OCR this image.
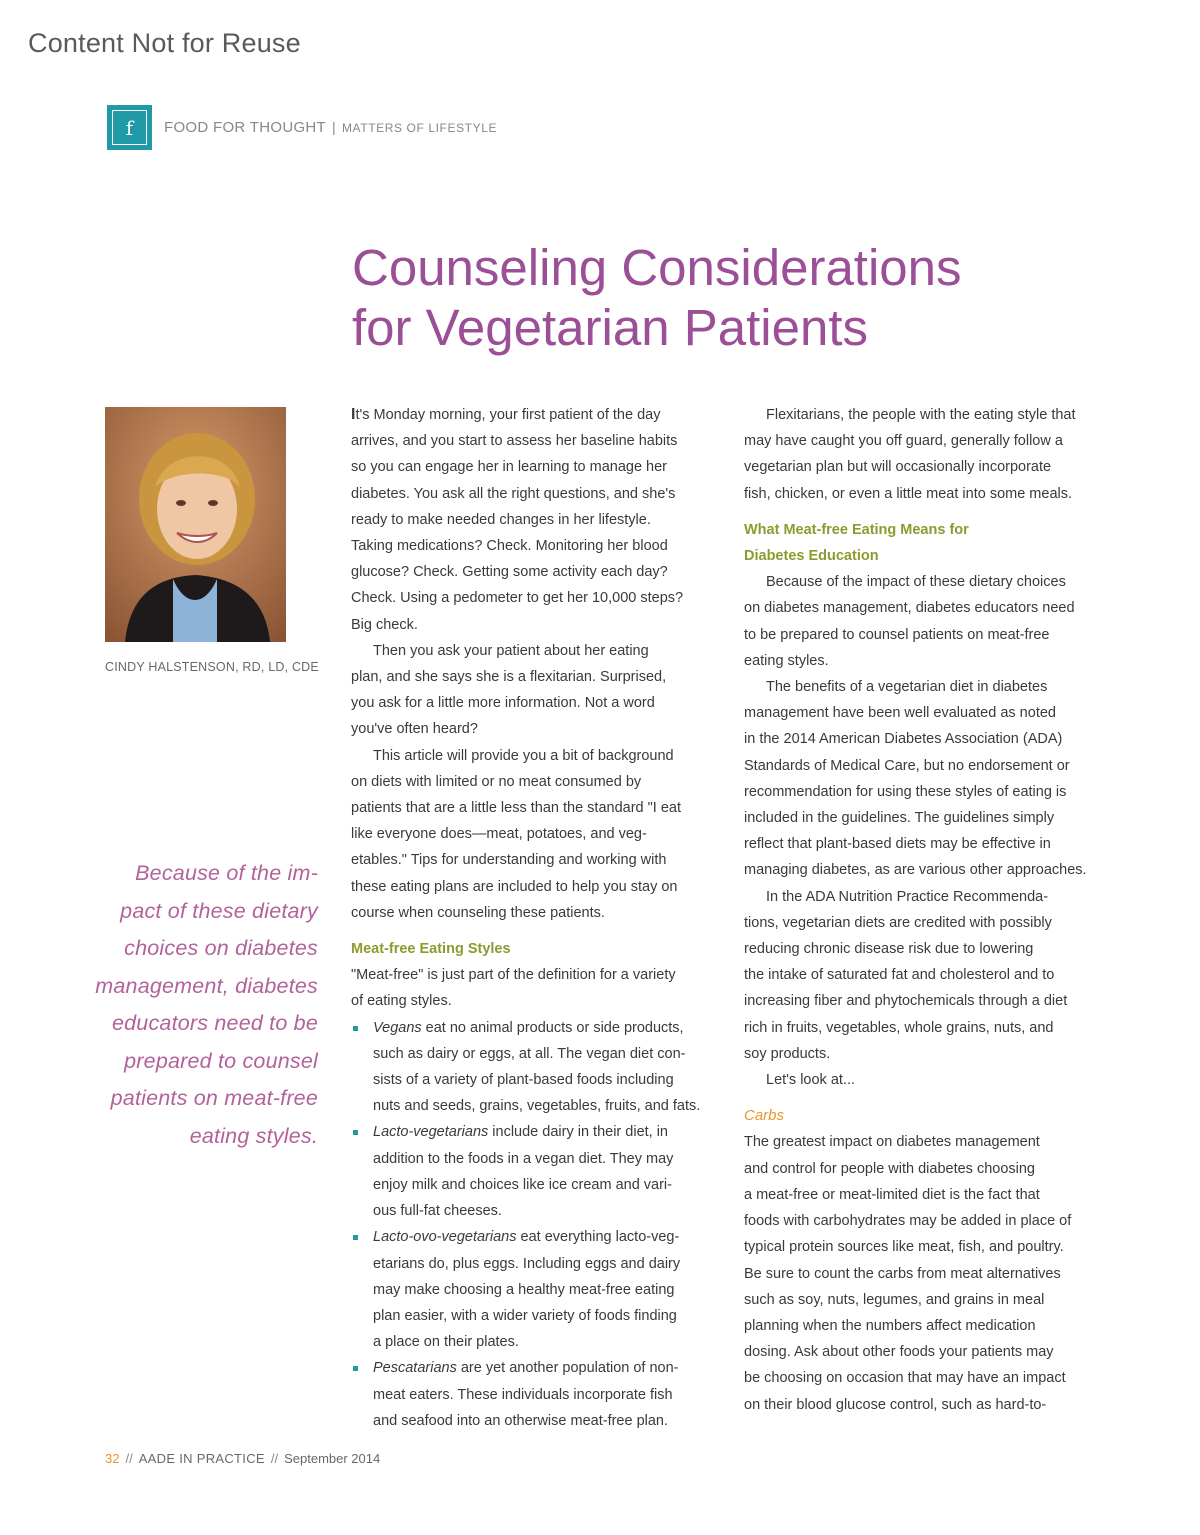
Content Not for Reuse
f	FOOD FOR THOUGHT | MATTERS OF LIFESTYLE
Counseling Considerations
for Vegetarian Patients
CINDY HALSTENSON, RD, LD, CDE
Because of the im-
pact of these dietary
choices on diabetes
management, diabetes
educators need to be
prepared to counsel
patients on meat-free
eating styles.

It's Monday morning, your first patient of the day
arrives, and you start to assess her baseline habits
so you can engage her in learning to manage her
diabetes. You ask all the right questions, and she's
ready to make needed changes in her lifestyle.
Taking medications? Check. Monitoring her blood
glucose? Check. Getting some activity each day?
Check. Using a pedometer to get her 10,000 steps?
Big check.

Then you ask your patient about her eating
plan, and she says she is a flexitarian. Surprised,
you ask for a little more information. Not a word
you've often heard?

This article will provide you a bit of background
on diets with limited or no meat consumed by
patients that are a little less than the standard "I eat
like everyone does—meat, potatoes, and veg-
etables." Tips for understanding and working with
these eating plans are included to help you stay on
course when counseling these patients.

Meat-free Eating Styles

"Meat-free" is just part of the definition for a variety
of eating styles.

Vegans eat no animal products or side products,
such as dairy or eggs, at all. The vegan diet con-
sists of a variety of plant-based foods including
nuts and seeds, grains, vegetables, fruits, and fats.
Lacto-vegetarians include dairy in their diet, in
addition to the foods in a vegan diet. They may
enjoy milk and choices like ice cream and vari-
ous full-fat cheeses.
Lacto-ovo-vegetarians eat everything lacto-veg-
etarians do, plus eggs. Including eggs and dairy
may make choosing a healthy meat-free eating
plan easier, with a wider variety of foods finding
a place on their plates.
Pescatarians are yet another population of non-
meat eaters. These individuals incorporate fish
and seafood into an otherwise meat-free plan.

Flexitarians, the people with the eating style that
may have caught you off guard, generally follow a
vegetarian plan but will occasionally incorporate
fish, chicken, or even a little meat into some meals.

What Meat-free Eating Means for
Diabetes Education

Because of the impact of these dietary choices
on diabetes management, diabetes educators need
to be prepared to counsel patients on meat-free
eating styles.

The benefits of a vegetarian diet in diabetes
management have been well evaluated as noted
in the 2014 American Diabetes Association (ADA)
Standards of Medical Care, but no endorsement or
recommendation for using these styles of eating is
included in the guidelines. The guidelines simply
reflect that plant-based diets may be effective in
managing diabetes, as are various other approaches.

In the ADA Nutrition Practice Recommenda-
tions, vegetarian diets are credited with possibly
reducing chronic disease risk due to lowering
the intake of saturated fat and cholesterol and to
increasing fiber and phytochemicals through a diet
rich in fruits, vegetables, whole grains, nuts, and
soy products.

Let's look at...

Carbs

The greatest impact on diabetes management
and control for people with diabetes choosing
a meat-free or meat-limited diet is the fact that
foods with carbohydrates may be added in place of
typical protein sources like meat, fish, and poultry.
Be sure to count the carbs from meat alternatives
such as soy, nuts, legumes, and grains in meal
planning when the numbers affect medication
dosing. Ask about other foods your patients may
be choosing on occasion that may have an impact
on their blood glucose control, such as hard-to-

32 // AADE IN PRACTICE // September 2014
